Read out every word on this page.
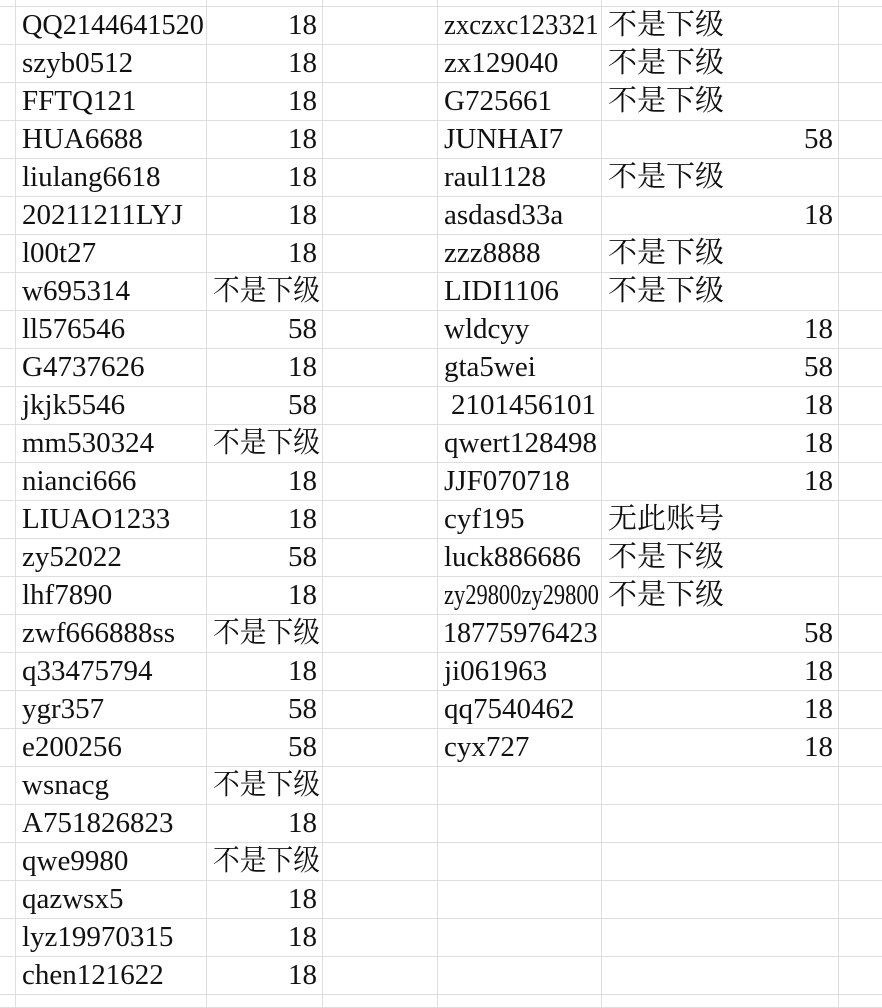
QQ2144641520	18	zxczxc123321 不是下级
szyb0512	18	zx129040	不是下级
FFTQ121	18	G725661	不是下级
HUA6688	18	JUNHAI7	58
liulang6618	18	raul1128	不是下级
20211211LYJ	18	asdasd33a	18
l00t27	18	zzz8888	不是下级
w695314	不是下级	LIDI1106	不是下级
ll576546	58	wldcyy	18
G4737626	18	gta5wei	58
jkjk5546	58	2101456101	18
mm530324	不是下级	qwert128498	18
nianci666	18	JJF070718	18
LIUAO1233	18	cyf195	无此账号
zy52022	58	luck886686 不是下级
lhf7890	18	zy29800zy29800 不是下级
zwf666888ss	不是下级	18775976423	58
q33475794	18	ji061963	18
ygr357	58	qq7540462	18
e200256	58	cyx727	18
wsnacg	不是下级
A751826823	18
qwe9980	不是下级
qazwsx5	18
lyz19970315	18
chen121622	18
